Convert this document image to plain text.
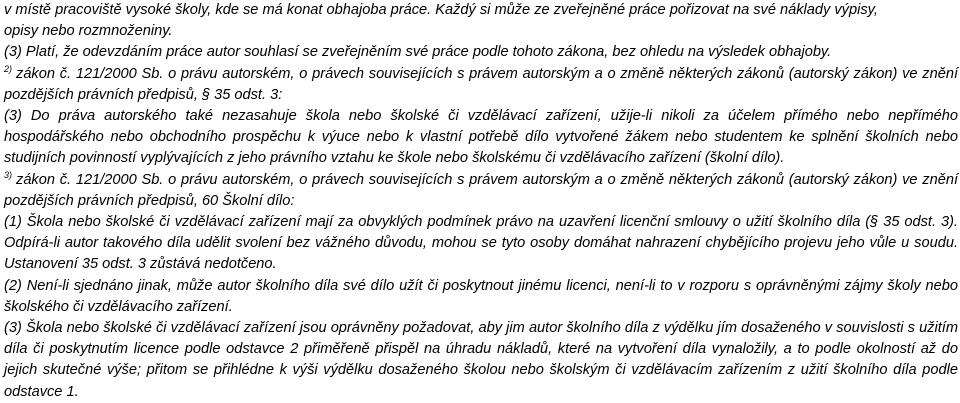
v místě pracoviště vysoké školy, kde se má konat obhajoba práce. Každý si může ze zveřejněné práce pořizovat na své náklady výpisy,
opisy nebo rozmnoženiny.

(3) Platí, že odevzdáním práce autor souhlasí se zveřejněním své práce podle tohoto zákona, bez ohledu na výsledek obhajoby.

$^{2)}$ zákon č. 121/2000 Sb. o právu autorském, o právech souvisejících s právem autorským a o změně některých zákonů (autorský zákon) ve znění pozdějších právních předpisů, § 35 odst. 3:

(3) Do práva autorského také nezasahuje škola nebo školské či vzdělávací zařízení, užije-li nikoli za účelem přímého nebo nepřímého hospodářského nebo obchodního prospěchu k výuce nebo k vlastní potřebě dílo vytvořené žákem nebo studentem ke splnění školních nebo studijních povinností vyplývajících z jeho právního vztahu ke škole nebo školskému či vzdělávacího zařízení (školní dílo).

$^{3)}$ zákon č. 121/2000 Sb. o právu autorském, o právech souvisejících s právem autorským a o změně některých zákonů (autorský zákon) ve znění pozdějších právních předpisů, 60 Školní dílo:

(1) Škola nebo školské či vzdělávací zařízení mají za obvyklých podmínek právo na uzavření licenční smlouvy o užití školního díla (§ 35 odst. 3). Odpírá-li autor takového díla udělit svolení bez vážného důvodu, mohou se tyto osoby domáhat nahrazení chybějícího projevu jeho vůle u soudu. Ustanovení 35 odst. 3 zůstává nedotčeno.

(2) Není-li sjednáno jinak, může autor školního díla své dílo užít či poskytnout jinému licenci, není-li to v rozporu s oprávněnými zájmy školy nebo školského či vzdělávacího zařízení.

(3) Škola nebo školské či vzdělávací zařízení jsou oprávněny požadovat, aby jim autor školního díla z výdělku jím dosaženého v souvislosti s užitím díla či poskytnutím licence podle odstavce 2 přiměřeně přispěl na úhradu nákladů, které na vytvoření díla vynaložily, a to podle okolností až do jejich skutečné výše; přitom se přihlédne k výši výdělku dosaženého školou nebo školským či vzdělávacím zařízením z užití školního díla podle odstavce 1.
